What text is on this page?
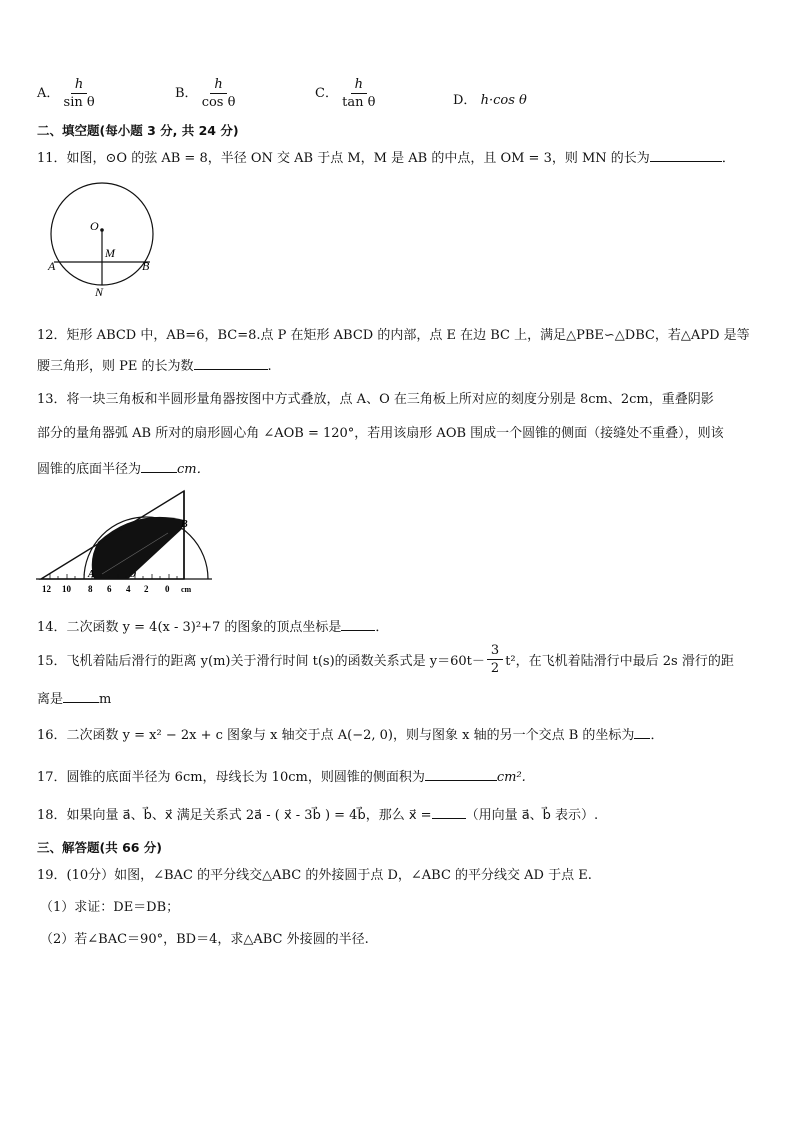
A． $\frac{h}{\text{sin θ}}$	B． $\frac{h}{\text{cos θ}}$	C． $\frac{h}{\text{tan θ}}$	D． h·cos θ
二、填空题(每小题 3 分, 共 24 分)
11．如图，⊙O 的弦 AB = 8，半径 ON 交 AB 于点 M，M 是 AB 的中点，且 OM = 3，则 MN 的长为	．
O
M
A	B
N
12．矩形 ABCD 中，AB=6，BC=8.点 P 在矩形 ABCD 的内部，点 E 在边 BC 上，满足△PBE∽△DBC，若△APD 是等
腰三角形，则 PE 的长为数	.
13．将一块三角板和半圆形量角器按图中方式叠放，点 A、O 在三角板上所对应的刻度分别是 8cm、2cm，重叠阴影
部分的量角器弧 AB 所对的扇形圆心角 ∠AOB = 120°，若用该扇形 AOB 围成一个圆锥的侧面（接缝处不重叠），则该
圆锥的底面半径为	cm．
A	O
B
12 10 8 6 4 2 0 cm
14．二次函数 y = 4(x - 3)²+7 的图象的顶点坐标是	．
15．飞机着陆后滑行的距离 y(m)关于滑行时间 t(s)的函数关系式是 $y=60t- \frac{3}{2} t^2$，在飞机着陆滑行中最后 2s 滑行的距
离是	m
16．二次函数 y = x² − 2x + c 图象与 x 轴交于点 A(−2, 0)，则与图象 x 轴的另一个交点 B 的坐标为 ．
17．圆锥的底面半径为 6cm，母线长为 10cm，则圆锥的侧面积为	cm².
18．如果向量 a⃗、b⃗、x⃗ 满足关系式 2a⃗ - ( x⃗ - 3b⃗ ) = 4b⃗，那么 x⃗ =	（用向量 a⃗、b⃗ 表示）.
三、解答题(共 66 分)
19．(10分）如图，∠BAC 的平分线交△ABC 的外接圆于点 D，∠ABC 的平分线交 AD 于点 E.
（1）求证：DE＝DB；
（2）若∠BAC＝90°，BD＝4，求△ABC 外接圆的半径.
